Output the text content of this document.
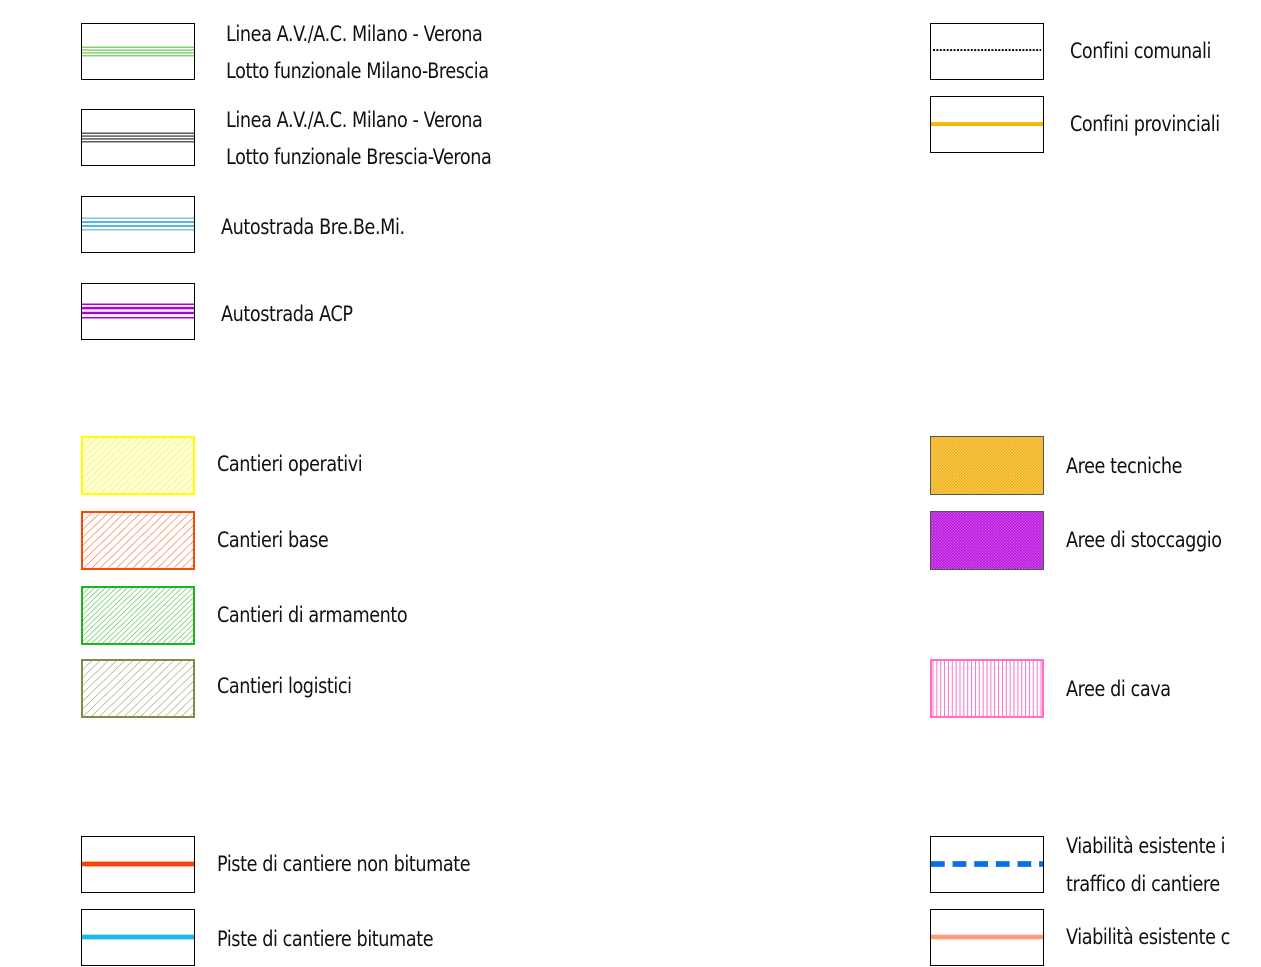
Linea A.V./A.C. Milano - Verona
Lotto funzionale Milano-Brescia
Linea A.V./A.C. Milano - Verona
Lotto funzionale Brescia-Verona
Autostrada Bre.Be.Mi.
Autostrada ACP
Confini comunali
Confini provinciali
Cantieri operativi
Cantieri base
Cantieri di armamento
Cantieri logistici
Aree tecniche
Aree di stoccaggio
Aree di cava
Piste di cantiere non bitumate
Piste di cantiere bitumate
Viabilità esistente i
traffico di cantiere
Viabilità esistente c
